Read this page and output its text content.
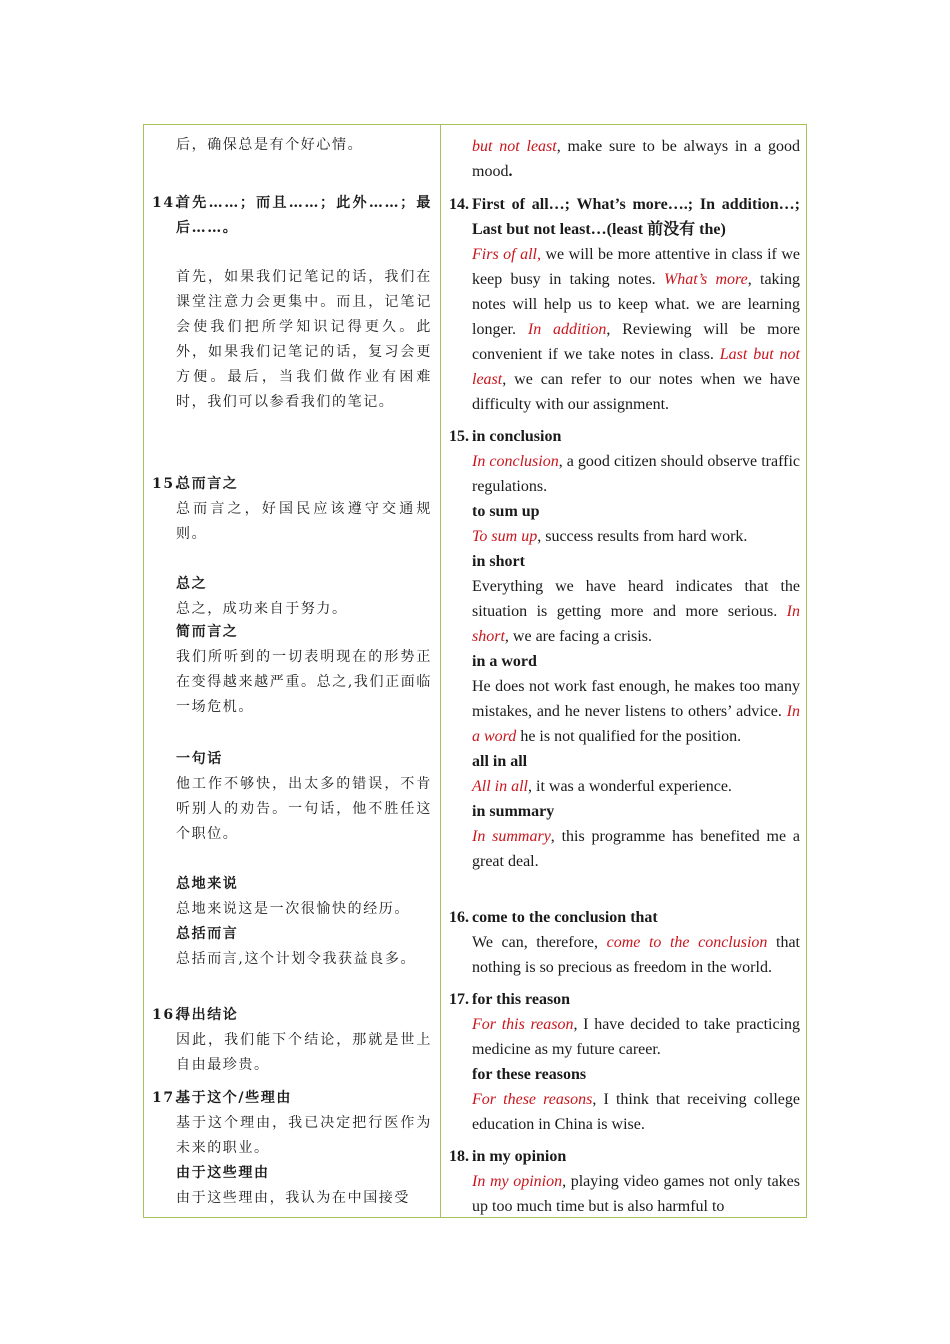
后，确保总是有个好心情。

14.

首先……；而且……；此外……；最后……。

首先，如果我们记笔记的话，我们在课堂注意力会更集中。而且，记笔记会使我们把所学知识记得更久。此外，如果我们记笔记的话，复习会更方便。最后，当我们做作业有困难时，我们可以参看我们的笔记。

15.

总而言之

总而言之，好国民应该遵守交通规则。

总之

总之，成功来自于努力。

简而言之

我们所听到的一切表明现在的形势正在变得越来越严重。总之,我们正面临一场危机。

一句话

他工作不够快，出太多的错误，不肯听别人的劝告。一句话，他不胜任这个职位。

总地来说

总地来说这是一次很愉快的经历。

总括而言

总括而言,这个计划令我获益良多。

16.

得出结论

因此，我们能下个结论，那就是世上自由最珍贵。

17.

基于这个/些理由

基于这个理由，我已决定把行医作为未来的职业。

由于这些理由

由于这些理由，我认为在中国接受

but not least, make sure to be always in a good mood.

14. First of all…; What’s more….; In addition…; Last but not least…(least 前没有 the)

Firs of all, we will be more attentive in class if we keep busy in taking notes. What’s more, taking notes will help us to keep what. we are learning longer. In addition, Reviewing will be more convenient if we take notes in class. Last but not least, we can refer to our notes when we have difficulty with our assignment.

15. in conclusion

In conclusion, a good citizen should observe traffic regulations.

to sum up

To sum up, success results from hard work.

in short

Everything we have heard indicates that the situation is getting more and more serious. In short, we are facing a crisis.

in a word

He does not work fast enough, he makes too many mistakes, and he never listens to others’ advice. In a word he is not qualified for the position.

all in all

All in all, it was a wonderful experience.

in summary

In summary, this programme has benefited me a great deal.

16. come to the conclusion that

We can, therefore, come to the conclusion that nothing is so precious as freedom in the world.

17. for this reason

For this reason, I have decided to take practicing medicine as my future career.

for these reasons

For these reasons, I think that receiving college education in China is wise.

18. in my opinion

In my opinion, playing video games not only takes up too much time but is also harmful to
